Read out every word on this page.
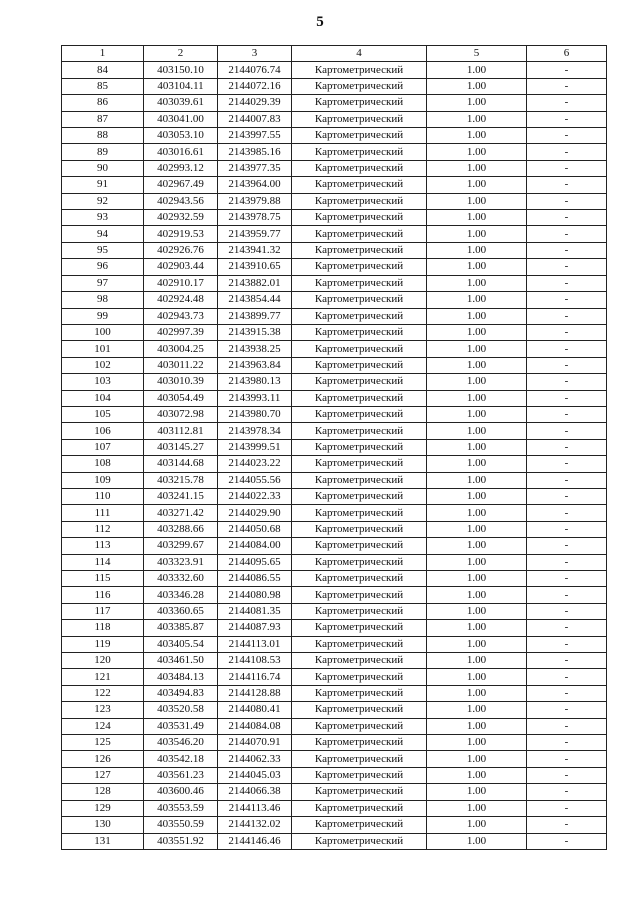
5
1	2	3	4	5	6
84	403150.10	2144076.74	Картометрический	1.00	-
85	403104.11	2144072.16	Картометрический	1.00	-
86	403039.61	2144029.39	Картометрический	1.00	-
87	403041.00	2144007.83	Картометрический	1.00	-
88	403053.10	2143997.55	Картометрический	1.00	-
89	403016.61	2143985.16	Картометрический	1.00	-
90	402993.12	2143977.35	Картометрический	1.00	-
91	402967.49	2143964.00	Картометрический	1.00	-
92	402943.56	2143979.88	Картометрический	1.00	-
93	402932.59	2143978.75	Картометрический	1.00	-
94	402919.53	2143959.77	Картометрический	1.00	-
95	402926.76	2143941.32	Картометрический	1.00	-
96	402903.44	2143910.65	Картометрический	1.00	-
97	402910.17	2143882.01	Картометрический	1.00	-
98	402924.48	2143854.44	Картометрический	1.00	-
99	402943.73	2143899.77	Картометрический	1.00	-
100	402997.39	2143915.38	Картометрический	1.00	-
101	403004.25	2143938.25	Картометрический	1.00	-
102	403011.22	2143963.84	Картометрический	1.00	-
103	403010.39	2143980.13	Картометрический	1.00	-
104	403054.49	2143993.11	Картометрический	1.00	-
105	403072.98	2143980.70	Картометрический	1.00	-
106	403112.81	2143978.34	Картометрический	1.00	-
107	403145.27	2143999.51	Картометрический	1.00	-
108	403144.68	2144023.22	Картометрический	1.00	-
109	403215.78	2144055.56	Картометрический	1.00	-
110	403241.15	2144022.33	Картометрический	1.00	-
111	403271.42	2144029.90	Картометрический	1.00	-
112	403288.66	2144050.68	Картометрический	1.00	-
113	403299.67	2144084.00	Картометрический	1.00	-
114	403323.91	2144095.65	Картометрический	1.00	-
115	403332.60	2144086.55	Картометрический	1.00	-
116	403346.28	2144080.98	Картометрический	1.00	-
117	403360.65	2144081.35	Картометрический	1.00	-
118	403385.87	2144087.93	Картометрический	1.00	-
119	403405.54	2144113.01	Картометрический	1.00	-
120	403461.50	2144108.53	Картометрический	1.00	-
121	403484.13	2144116.74	Картометрический	1.00	-
122	403494.83	2144128.88	Картометрический	1.00	-
123	403520.58	2144080.41	Картометрический	1.00	-
124	403531.49	2144084.08	Картометрический	1.00	-
125	403546.20	2144070.91	Картометрический	1.00	-
126	403542.18	2144062.33	Картометрический	1.00	-
127	403561.23	2144045.03	Картометрический	1.00	-
128	403600.46	2144066.38	Картометрический	1.00	-
129	403553.59	2144113.46	Картометрический	1.00	-
130	403550.59	2144132.02	Картометрический	1.00	-
131	403551.92	2144146.46	Картометрический	1.00	-
